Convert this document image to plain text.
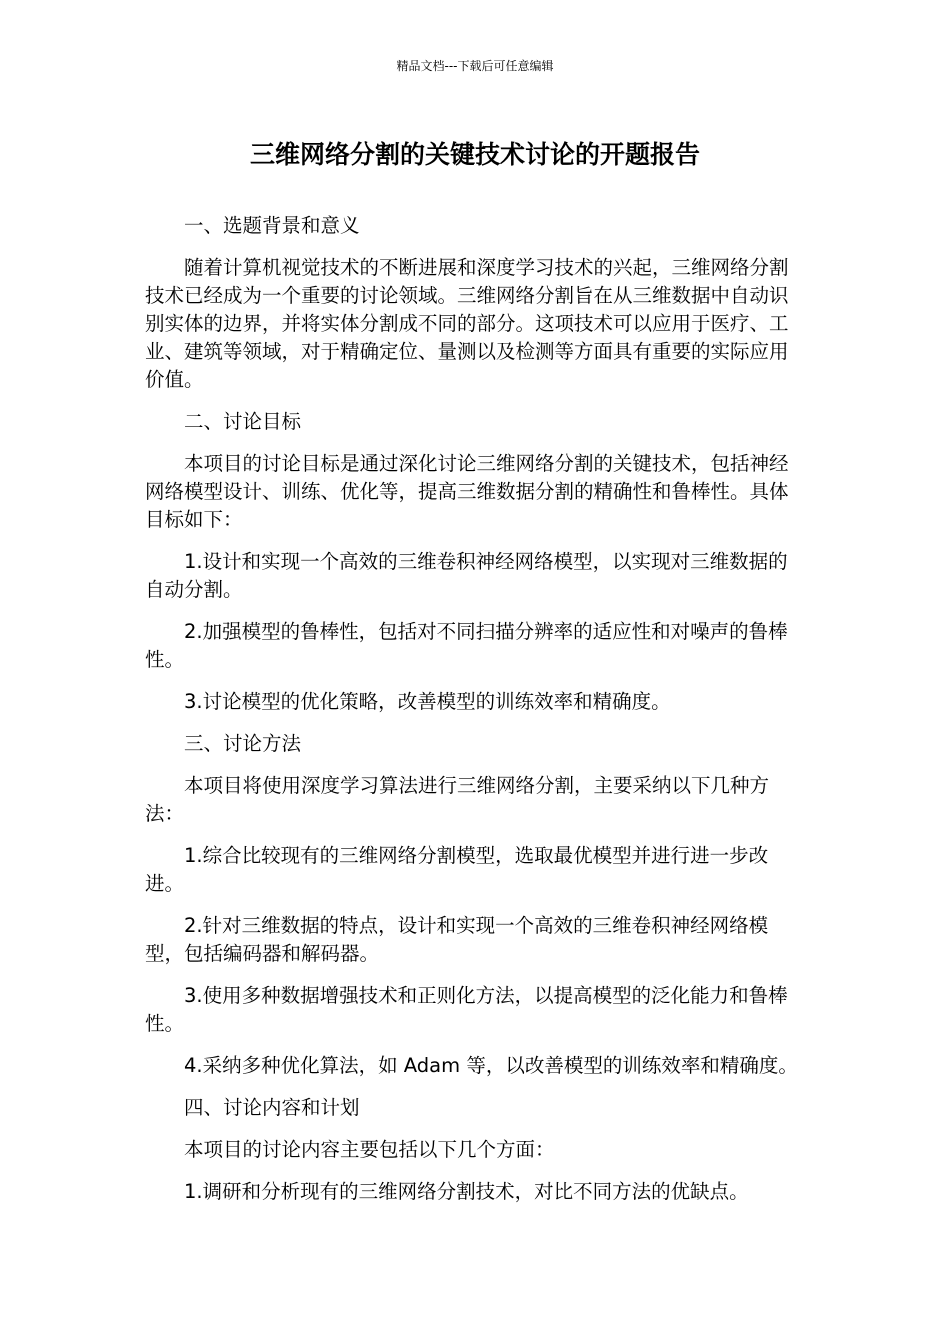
精品文档---下载后可任意编辑
三维网络分割的关键技术讨论的开题报告

一、选题背景和意义

随着计算机视觉技术的不断进展和深度学习技术的兴起，三维网络分割技术已经成为一个重要的讨论领域。三维网络分割旨在从三维数据中自动识别实体的边界，并将实体分割成不同的部分。这项技术可以应用于医疗、工业、建筑等领域，对于精确定位、量测以及检测等方面具有重要的实际应用价值。

二、讨论目标

本项目的讨论目标是通过深化讨论三维网络分割的关键技术，包括神经网络模型设计、训练、优化等，提高三维数据分割的精确性和鲁棒性。具体目标如下：

1.设计和实现一个高效的三维卷积神经网络模型，以实现对三维数据的自动分割。

2.加强模型的鲁棒性，包括对不同扫描分辨率的适应性和对噪声的鲁棒性。

3.讨论模型的优化策略，改善模型的训练效率和精确度。

三、讨论方法

本项目将使用深度学习算法进行三维网络分割，主要采纳以下几种方法：

1.综合比较现有的三维网络分割模型，选取最优模型并进行进一步改进。

2.针对三维数据的特点，设计和实现一个高效的三维卷积神经网络模型，包括编码器和解码器。

3.使用多种数据增强技术和正则化方法，以提高模型的泛化能力和鲁棒性。

4.采纳多种优化算法，如 Adam 等，以改善模型的训练效率和精确度。

四、讨论内容和计划

本项目的讨论内容主要包括以下几个方面：

1.调研和分析现有的三维网络分割技术，对比不同方法的优缺点。
